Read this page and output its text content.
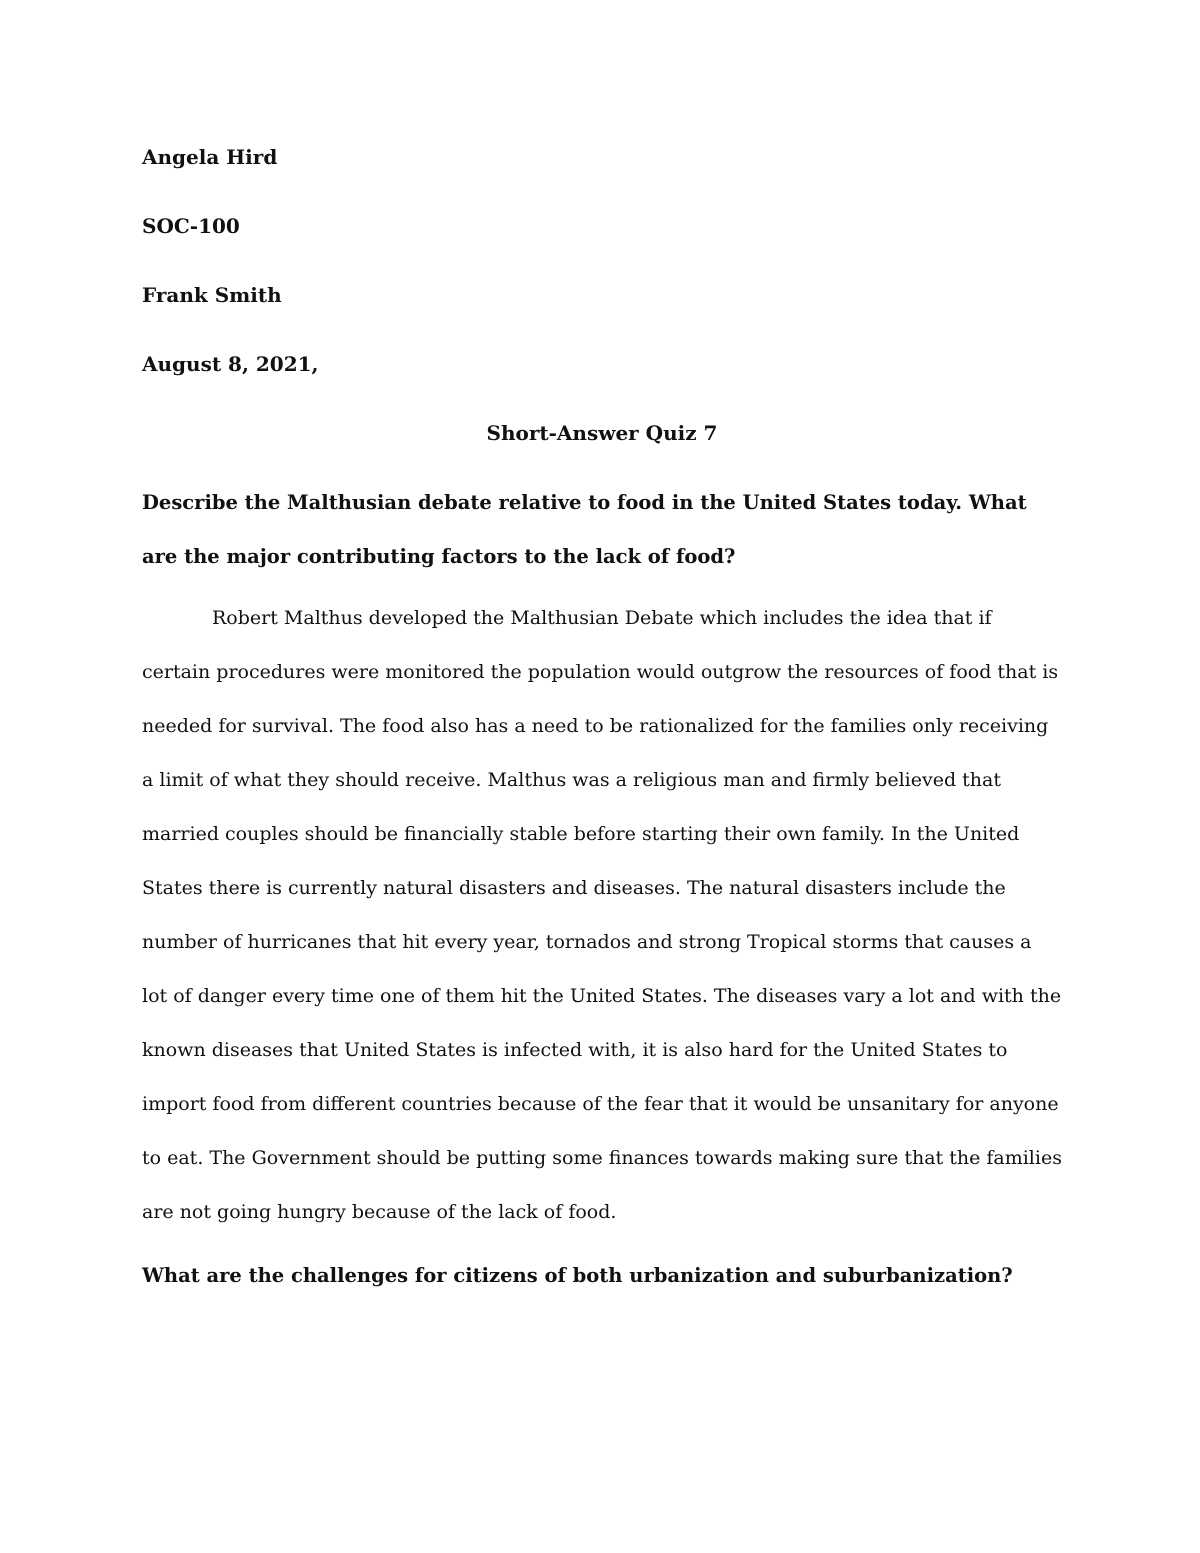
Angela Hird
SOC-100
Frank Smith
August 8, 2021,
Short-Answer Quiz 7

Describe the Malthusian debate relative to food in the United States today. What are the major contributing factors to the lack of food?

Robert Malthus developed the Malthusian Debate which includes the idea that if certain procedures were monitored the population would outgrow the resources of food that is needed for survival. The food also has a need to be rationalized for the families only receiving a limit of what they should receive. Malthus was a religious man and firmly believed that married couples should be financially stable before starting their own family. In the United States there is currently natural disasters and diseases. The natural disasters include the number of hurricanes that hit every year, tornados and strong Tropical storms that causes a lot of danger every time one of them hit the United States. The diseases vary a lot and with the known diseases that United States is infected with, it is also hard for the United States to import food from different countries because of the fear that it would be unsanitary for anyone to eat. The Government should be putting some finances towards making sure that the families are not going hungry because of the lack of food.

What are the challenges for citizens of both urbanization and suburbanization?
